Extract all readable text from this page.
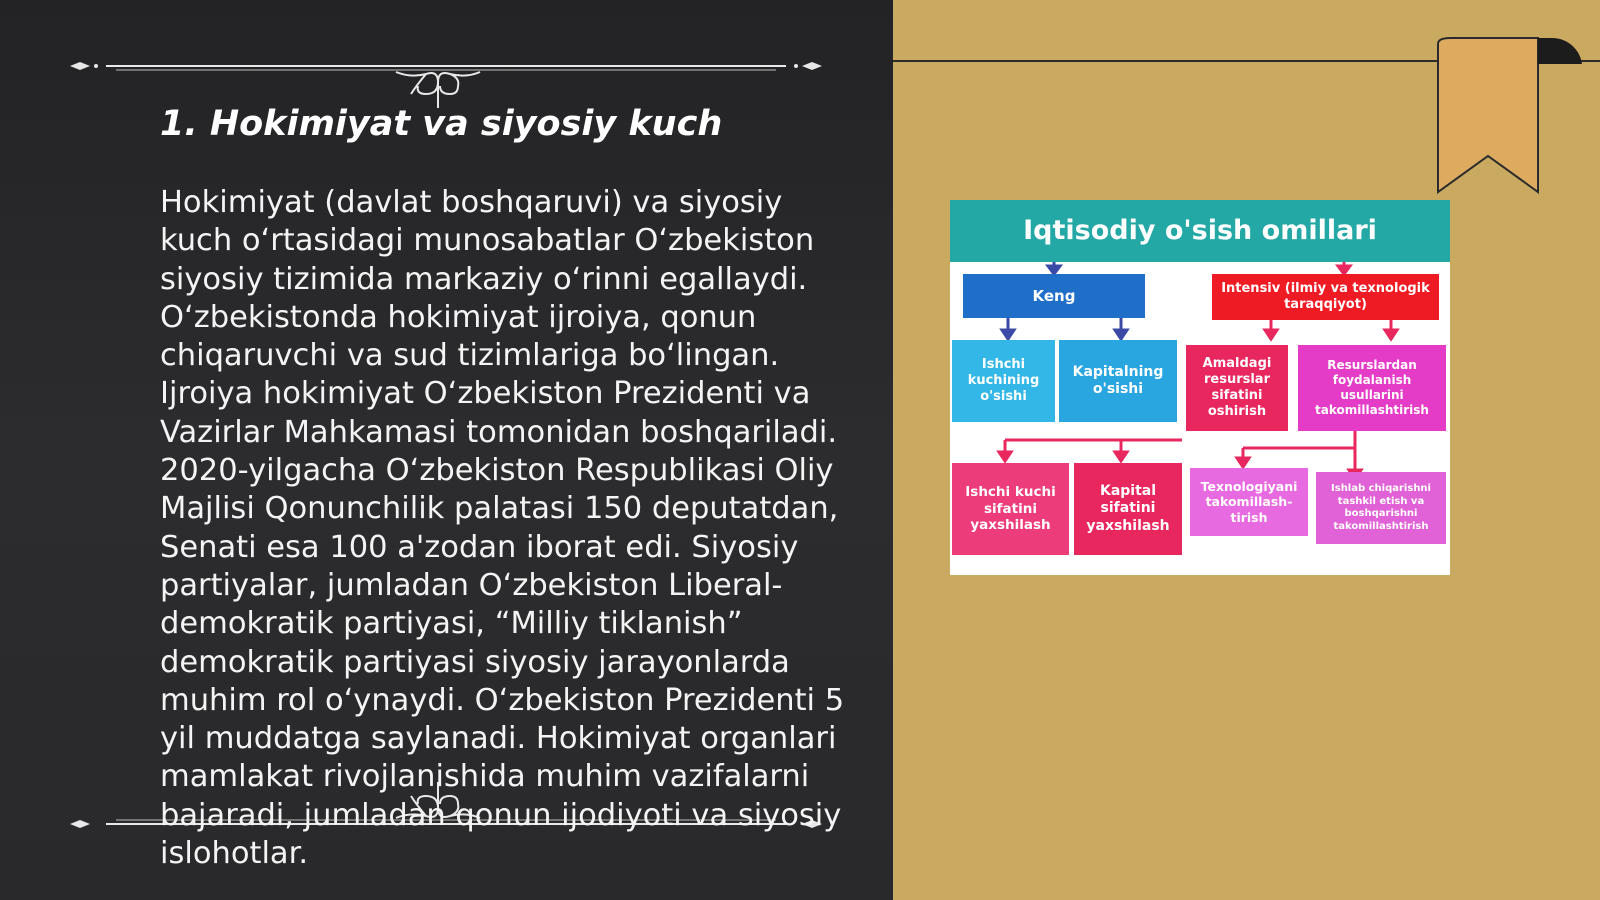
1. Hokimiyat va siyosiy kuch

Hokimiyat (davlat boshqaruvi) va siyosiy kuch oʻrtasidagi munosabatlar Oʻzbekiston siyosiy tizimida markaziy oʻrinni egallaydi. Oʻzbekistonda hokimiyat ijroiya, qonun chiqaruvchi va sud tizimlariga boʻlingan. Ijroiya hokimiyat Oʻzbekiston Prezidenti va Vazirlar Mahkamasi tomonidan boshqariladi. 2020-yilgacha Oʻzbekiston Respublikasi Oliy Majlisi Qonunchilik palatasi 150 deputatdan, Senati esa 100 a'zodan iborat edi. Siyosiy partiyalar, jumladan Oʻzbekiston Liberal-demokratik partiyasi, “Milliy tiklanish” demokratik partiyasi siyosiy jarayonlarda muhim rol oʻynaydi. Oʻzbekiston Prezidenti 5 yil muddatga saylanadi. Hokimiyat organlari mamlakat rivojlanishida muhim vazifalarni bajaradi, jumladan qonun ijodiyoti va siyosiy islohotlar.

Iqtisodiy o'sish omillari
Keng	Intensiv (ilmiy va texnologik taraqqiyot)
Ishchi kuchining o'sishi
Kapitalning o'sishi
Amaldagi resurslar sifatini oshirish
Resurslardan foydalanish usullarini takomillashtirish
Ishchi kuchi sifatini yaxshilash
Kapital sifatini yaxshilash
Texnologiyani takomillash-tirish
Ishlab chiqarishni tashkil etish va boshqarishni takomillashtirish
